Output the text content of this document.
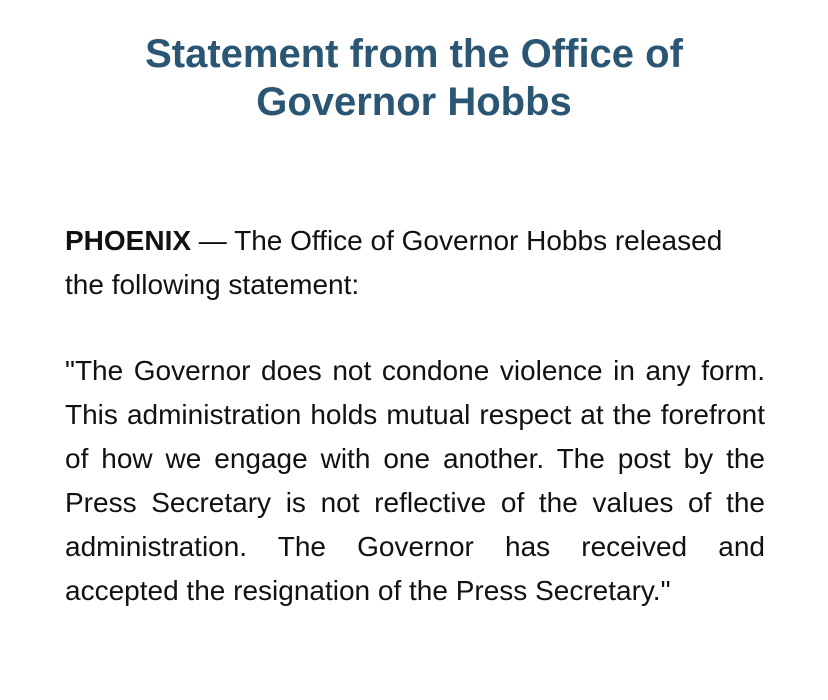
Statement from the Office of Governor Hobbs

PHOENIX — The Office of Governor Hobbs released the following statement:

"The Governor does not condone violence in any form. This administration holds mutual respect at the forefront of how we engage with one another. The post by the Press Secretary is not reflective of the values of the administration. The Governor has received and accepted the resignation of the Press Secretary."
